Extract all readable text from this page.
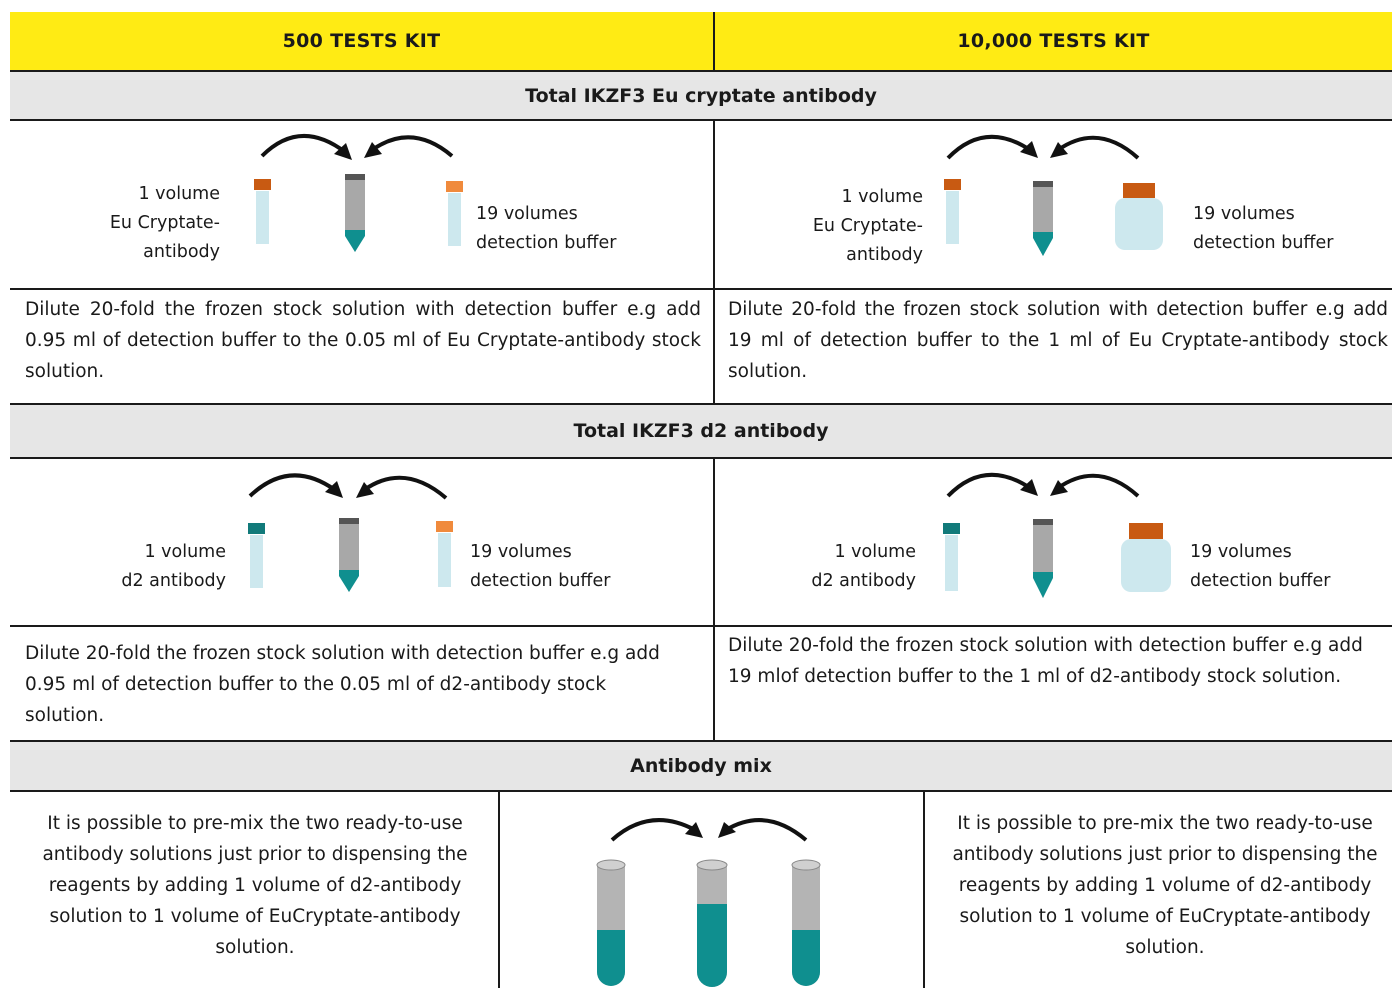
500 TESTS KIT	10,000 TESTS KIT
Total IKZF3 Eu cryptate antibody
1 volume
Eu Cryptate-
antibody
19 volumes
detection buffer
1 volume
Eu Cryptate-
antibody
19 volumes
detection buffer
Dilute 20-fold the frozen stock solution with detection buffer e.g add 0.95 ml of detection buffer to the 0.05 ml of Eu Cryptate-antibody stock solution.
Dilute 20-fold the frozen stock solution with detection buffer e.g add 19 ml of detection buffer to the 1 ml of Eu Cryptate-antibody stock solution.
Total IKZF3 d2 antibody
1 volume
d2 antibody
19 volumes
detection buffer
1 volume
d2 antibody
19 volumes
detection buffer
Dilute 20-fold the frozen stock solution with detection buffer e.g add 0.95 ml of detection buffer to the 0.05 ml of d2-antibody stock solution.
Dilute 20-fold the frozen stock solution with detection buffer e.g add 19 mlof detection buffer to the 1 ml of d2-antibody stock solution.
Antibody mix
It is possible to pre-mix the two ready-to-use antibody solutions just prior to dispensing the reagents by adding 1 volume of d2-antibody solution to 1 volume of EuCryptate-antibody solution.
It is possible to pre-mix the two ready-to-use antibody solutions just prior to dispensing the reagents by adding 1 volume of d2-antibody solution to 1 volume of EuCryptate-antibody solution.
